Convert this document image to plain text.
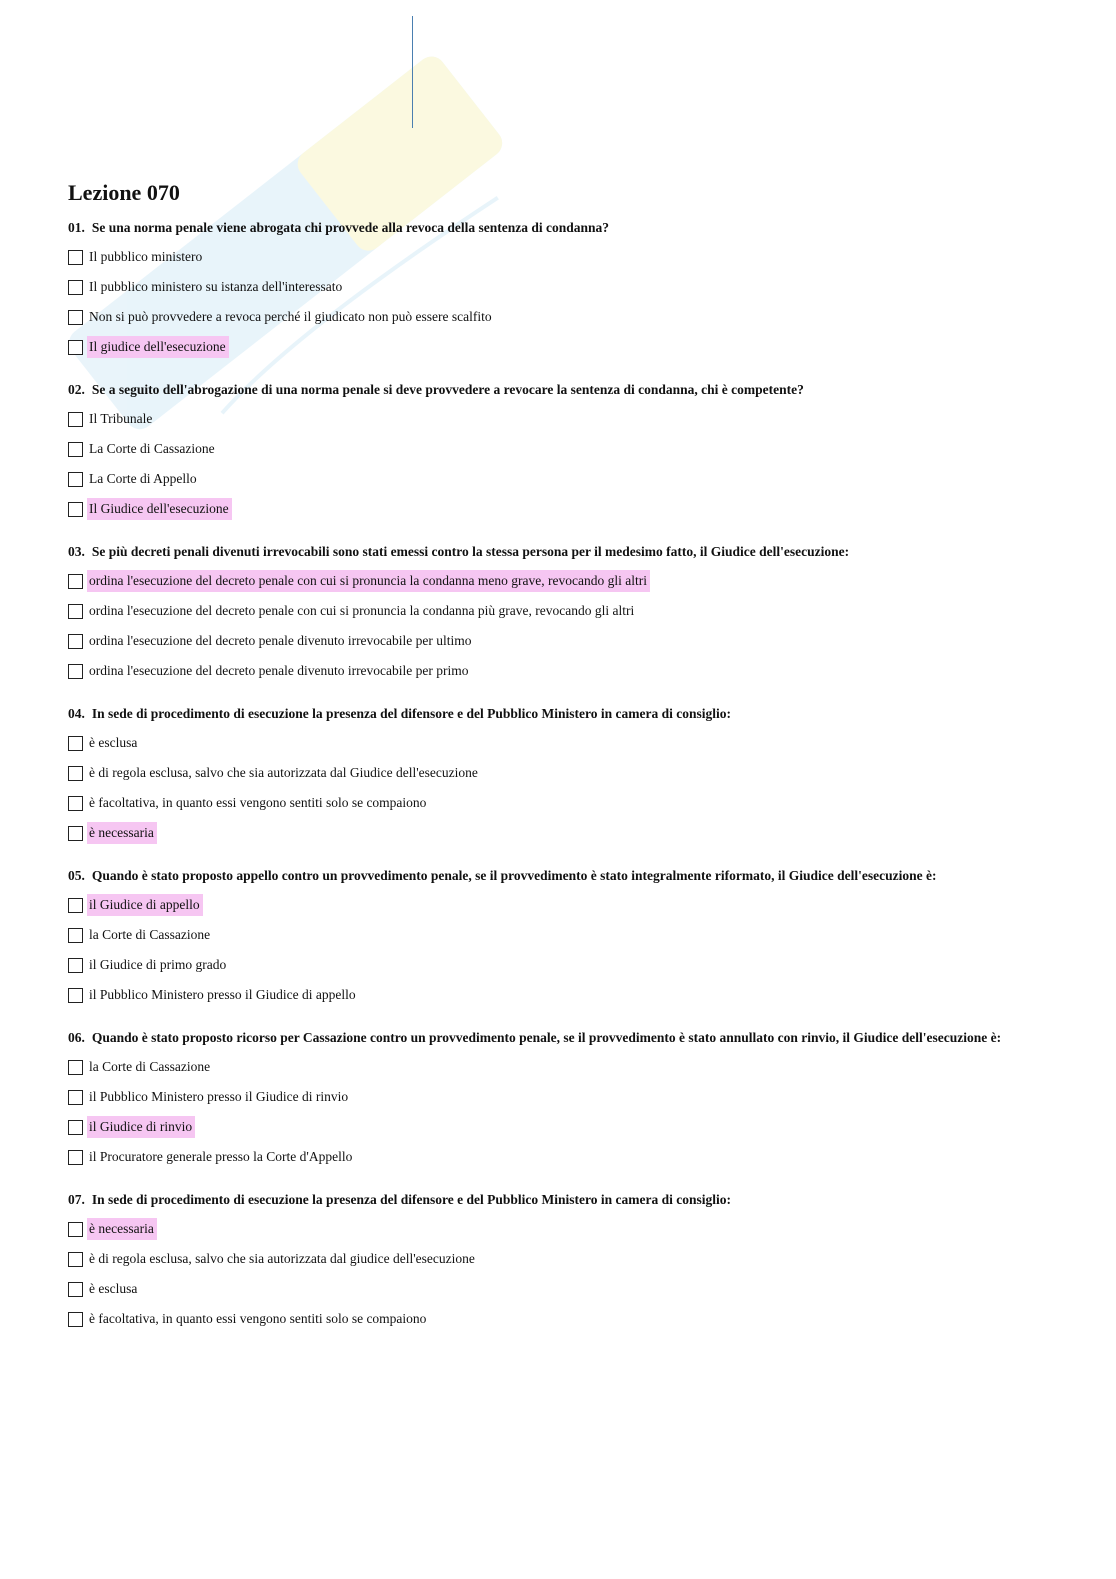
Lezione 070
01. Se una norma penale viene abrogata chi provvede alla revoca della sentenza di condanna?
Il pubblico ministero
Il pubblico ministero su istanza dell'interessato
Non si può provvedere a revoca perché il giudicato non può essere scalfito
Il giudice dell'esecuzione
02. Se a seguito dell'abrogazione di una norma penale si deve provvedere a revocare la sentenza di condanna, chi è competente?
Il Tribunale
La Corte di Cassazione
La Corte di Appello
Il Giudice dell'esecuzione
03. Se più decreti penali divenuti irrevocabili sono stati emessi contro la stessa persona per il medesimo fatto, il Giudice dell'esecuzione:
ordina l'esecuzione del decreto penale con cui si pronuncia la condanna meno grave, revocando gli altri
ordina l'esecuzione del decreto penale con cui si pronuncia la condanna più grave, revocando gli altri
ordina l'esecuzione del decreto penale divenuto irrevocabile per ultimo
ordina l'esecuzione del decreto penale divenuto irrevocabile per primo
04. In sede di procedimento di esecuzione la presenza del difensore e del Pubblico Ministero in camera di consiglio:
è esclusa
è di regola esclusa, salvo che sia autorizzata dal Giudice dell'esecuzione
è facoltativa, in quanto essi vengono sentiti solo se compaiono
è necessaria
05. Quando è stato proposto appello contro un provvedimento penale, se il provvedimento è stato integralmente riformato, il Giudice dell'esecuzione è:
il Giudice di appello
la Corte di Cassazione
il Giudice di primo grado
il Pubblico Ministero presso il Giudice di appello
06. Quando è stato proposto ricorso per Cassazione contro un provvedimento penale, se il provvedimento è stato annullato con rinvio, il Giudice dell'esecuzione è:
la Corte di Cassazione
il Pubblico Ministero presso il Giudice di rinvio
il Giudice di rinvio
il Procuratore generale presso la Corte d'Appello
07. In sede di procedimento di esecuzione la presenza del difensore e del Pubblico Ministero in camera di consiglio:
è necessaria
è di regola esclusa, salvo che sia autorizzata dal giudice dell'esecuzione
è esclusa
è facoltativa, in quanto essi vengono sentiti solo se compaiono
